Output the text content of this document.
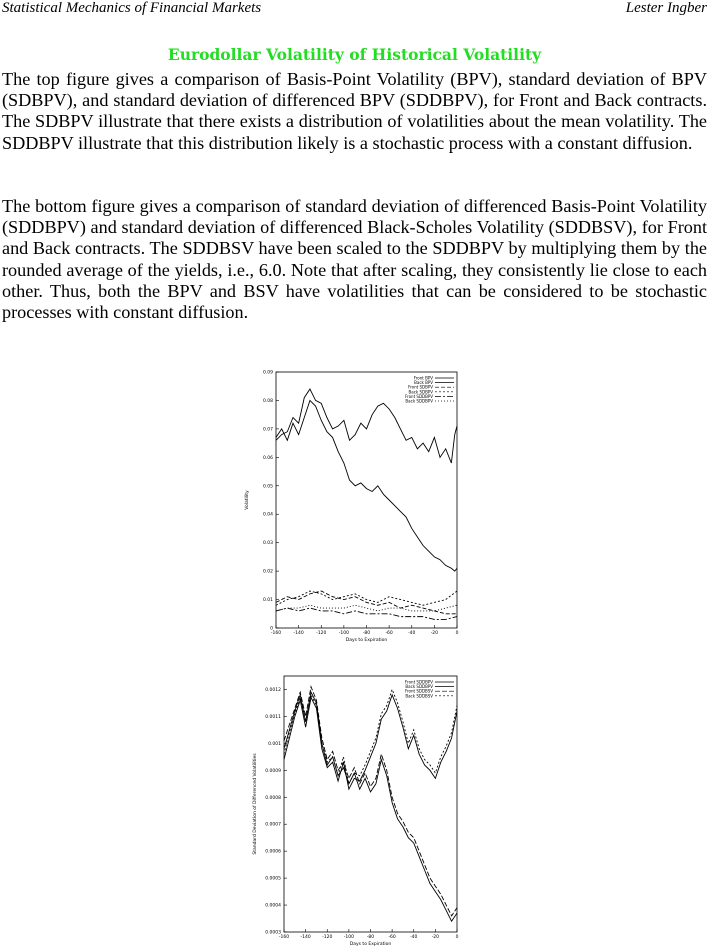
Statistical Mechanics of Financial Markets	Lester Ingber
Eurodollar Volatility of Historical Volatility

The top figure gives a comparison of Basis-Point Volatility (BPV), standard deviation of BPV (SDBPV), and standard deviation of differenced BPV (SDDBPV), for Front and Back contracts. The SDBPV illustrate that there exists a distribution of volatilities about the mean volatility. The SDDBPV illustrate that this distribution likely is a stochastic process with a constant diffusion.

The bottom figure gives a comparison of standard deviation of differenced Basis-Point Volatility (SDDBPV) and standard deviation of differenced Black-Scholes Volatility (SDDBSV), for Front and Back contracts. The SDDBSV have been scaled to the SDDBPV by multiplying them by the rounded average of the yields, i.e., 6.0. Note that after scaling, they consistently lie close to each other. Thus, both the BPV and BSV have volatilities that can be considered to be stochastic processes with constant diffusion.

-160	-140	-120	-100	-80	-60	-40	-20	0
0
0.01
0.02
0.03
0.04
0.05
0.06
0.07
0.08
0.09
Days to Expiration
Volatility
Front BPV
Back BPV
Front SDBPV
Back SDBPV
Front SDDBPV
Back SDDBPV
-160	-140	-120	-100	-80	-60	-40	-20	0
0.0003
0.0004
0.0005
0.0006
0.0007
0.0008
0.0009
0.001
0.0011
0.0012
Days to Expiration
Standard Deviation of Differenced Volatilities
Front SDDBPV
Back SDDBPV
Front SDDBSV
Back SDDBSV
